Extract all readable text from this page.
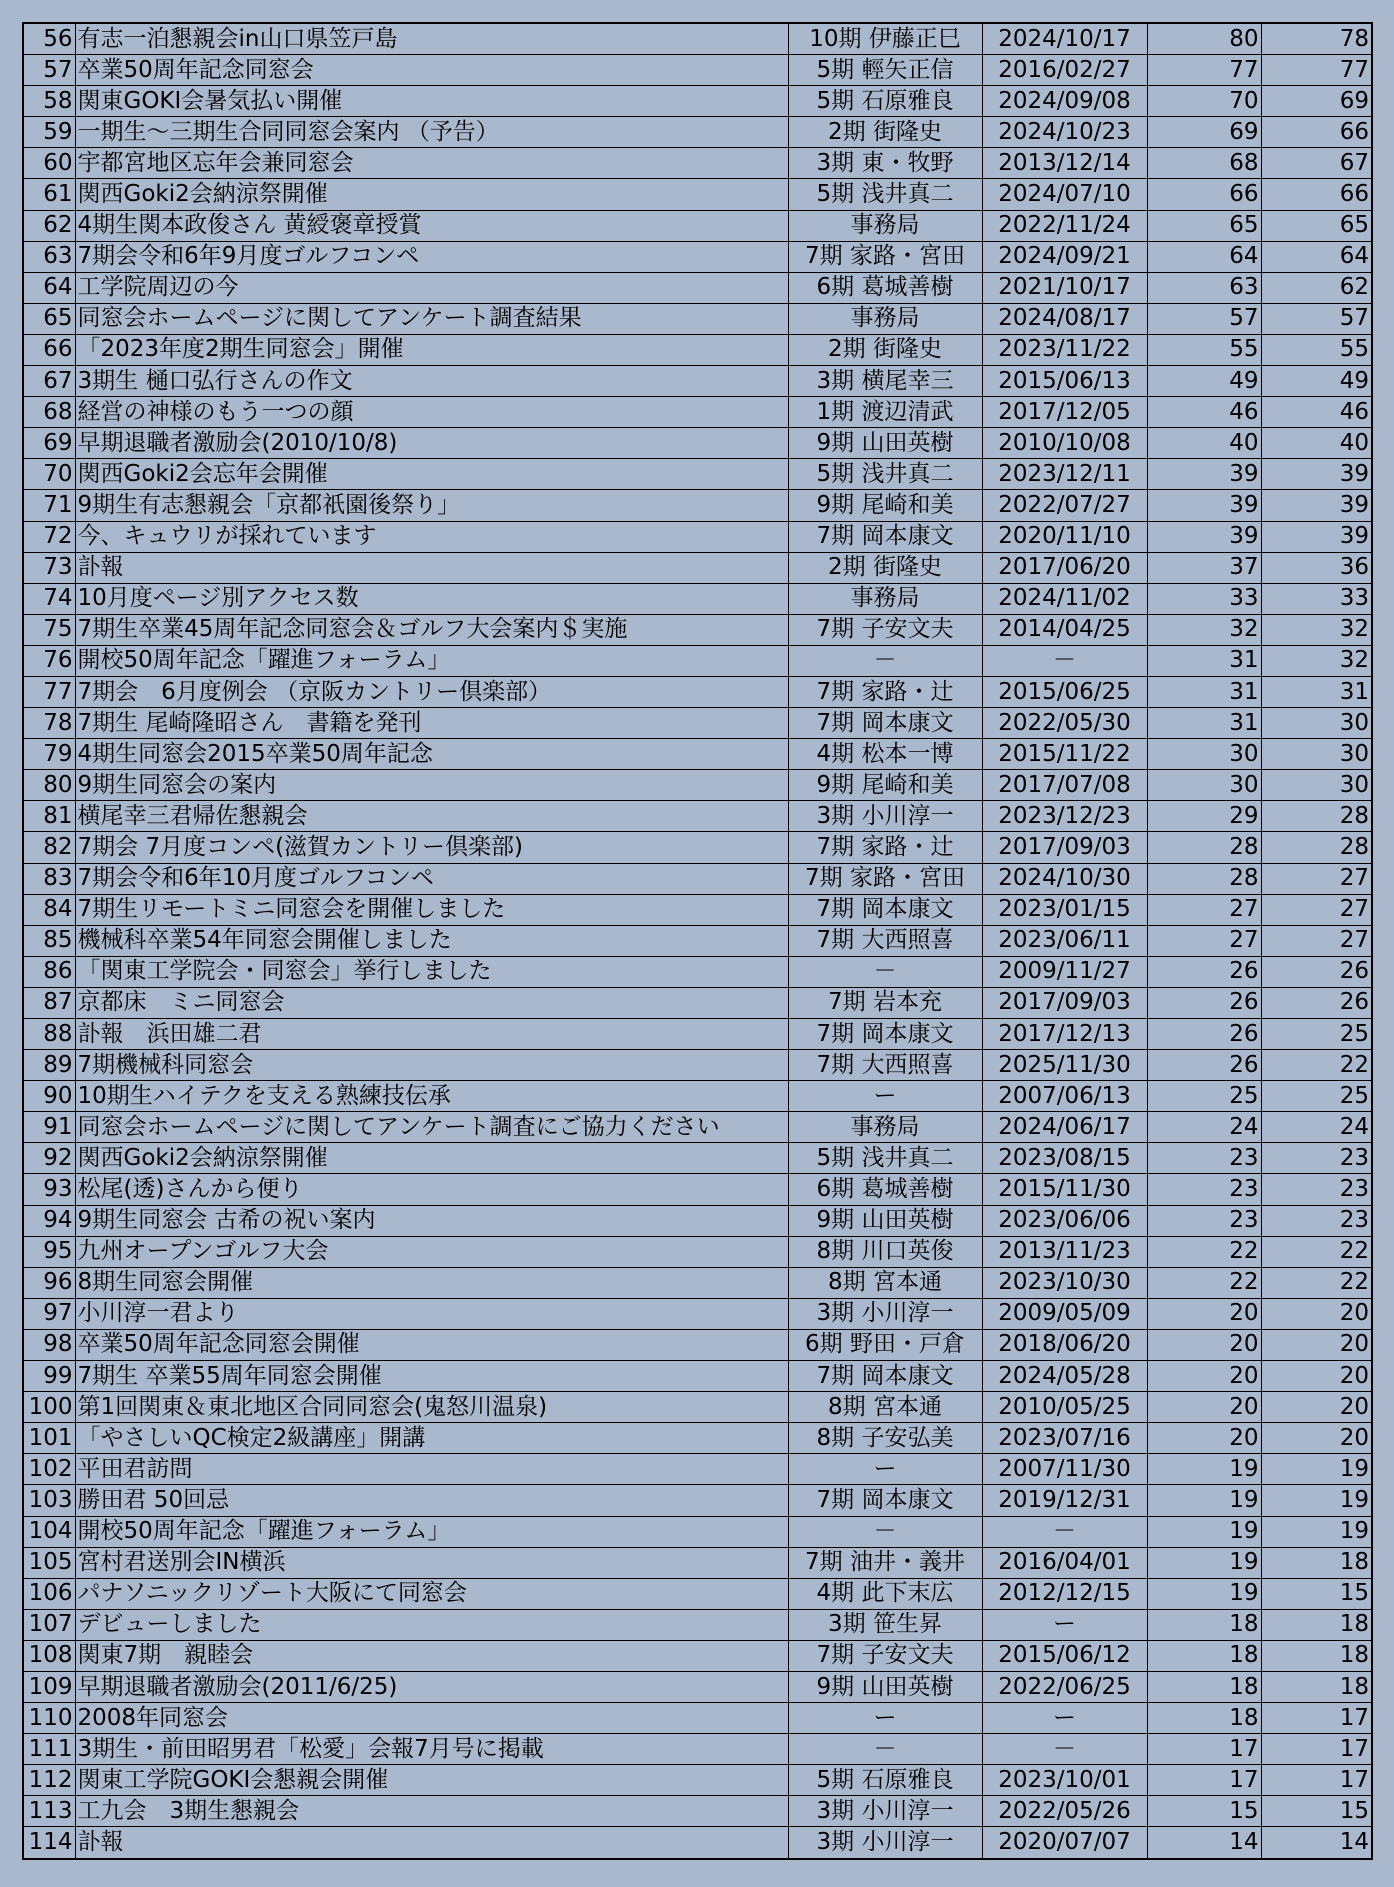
56	有志一泊懇親会in山口県笠戸島	10期 伊藤正巳	2024/10/17	80	78
57	卒業50周年記念同窓会	5期 輕矢正信	2016/02/27	77	77
58	関東GOKI会暑気払い開催	5期 石原雅良	2024/09/08	70	69
59	一期生～三期生合同同窓会案内 （予告）	2期 街隆史	2024/10/23	69	66
60	宇都宮地区忘年会兼同窓会	3期 東・牧野	2013/12/14	68	67
61	関西Goki2会納涼祭開催	5期 浅井真二	2024/07/10	66	66
62	4期生関本政俊さん 黄綬褒章授賞	事務局	2022/11/24	65	65
63	7期会令和6年9月度ゴルフコンペ	7期 家路・宮田	2024/09/21	64	64
64	工学院周辺の今	6期 葛城善樹	2021/10/17	63	62
65	同窓会ホームページに関してアンケート調査結果	事務局	2024/08/17	57	57
66	「2023年度2期生同窓会」開催	2期 街隆史	2023/11/22	55	55
67	3期生 樋口弘行さんの作文	3期 横尾幸三	2015/06/13	49	49
68	経営の神様のもう一つの顔	1期 渡辺清武	2017/12/05	46	46
69	早期退職者激励会(2010/10/8)	9期 山田英樹	2010/10/08	40	40
70	関西Goki2会忘年会開催	5期 浅井真二	2023/12/11	39	39
71	9期生有志懇親会「京都祇園後祭り」	9期 尾崎和美	2022/07/27	39	39
72	今、キュウリが採れています	7期 岡本康文	2020/11/10	39	39
73	訃報	2期 街隆史	2017/06/20	37	36
74	10月度ページ別アクセス数	事務局	2024/11/02	33	33
75	7期生卒業45周年記念同窓会＆ゴルフ大会案内＄実施	7期 子安文夫	2014/04/25	32	32
76	開校50周年記念「躍進フォーラム」	－	－	31	32
77	7期会　6月度例会 （京阪カントリー倶楽部）	7期 家路・辻	2015/06/25	31	31
78	7期生 尾崎隆昭さん　書籍を発刊	7期 岡本康文	2022/05/30	31	30
79	4期生同窓会2015卒業50周年記念	4期 松本一博	2015/11/22	30	30
80	9期生同窓会の案内	9期 尾崎和美	2017/07/08	30	30
81	横尾幸三君帰佐懇親会	3期 小川淳一	2023/12/23	29	28
82	7期会 7月度コンペ(滋賀カントリー倶楽部)	7期 家路・辻	2017/09/03	28	28
83	7期会令和6年10月度ゴルフコンペ	7期 家路・宮田	2024/10/30	28	27
84	7期生リモートミニ同窓会を開催しました	7期 岡本康文	2023/01/15	27	27
85	機械科卒業54年同窓会開催しました	7期 大西照喜	2023/06/11	27	27
86	「関東工学院会・同窓会」挙行しました	－	2009/11/27	26	26
87	京都床　ミニ同窓会	7期 岩本充	2017/09/03	26	26
88	訃報　浜田雄二君	7期 岡本康文	2017/12/13	26	25
89	7期機械科同窓会	7期 大西照喜	2025/11/30	26	22
90	10期生ハイテクを支える熟練技伝承	ー	2007/06/13	25	25
91	同窓会ホームページに関してアンケート調査にご協力ください	事務局	2024/06/17	24	24
92	関西Goki2会納涼祭開催	5期 浅井真二	2023/08/15	23	23
93	松尾(透)さんから便り	6期 葛城善樹	2015/11/30	23	23
94	9期生同窓会 古希の祝い案内	9期 山田英樹	2023/06/06	23	23
95	九州オープンゴルフ大会	8期 川口英俊	2013/11/23	22	22
96	8期生同窓会開催	8期 宮本通	2023/10/30	22	22
97	小川淳一君より	3期 小川淳一	2009/05/09	20	20
98	卒業50周年記念同窓会開催	6期 野田・戸倉	2018/06/20	20	20
99	7期生 卒業55周年同窓会開催	7期 岡本康文	2024/05/28	20	20
100	第1回関東＆東北地区合同同窓会(鬼怒川温泉)	8期 宮本通	2010/05/25	20	20
101	「やさしいQC検定2級講座」開講	8期 子安弘美	2023/07/16	20	20
102	平田君訪問	ー	2007/11/30	19	19
103	勝田君 50回忌	7期 岡本康文	2019/12/31	19	19
104	開校50周年記念「躍進フォーラム」	－	－	19	19
105	宮村君送別会IN横浜	7期 油井・義井	2016/04/01	19	18
106	パナソニックリゾート大阪にて同窓会	4期 此下末広	2012/12/15	19	15
107	デビューしました	3期 笹生昇	ー	18	18
108	関東7期　親睦会	7期 子安文夫	2015/06/12	18	18
109	早期退職者激励会(2011/6/25)	9期 山田英樹	2022/06/25	18	18
110	2008年同窓会	ー	ー	18	17
111	3期生・前田昭男君「松愛」会報7月号に掲載	－	－	17	17
112	関東工学院GOKI会懇親会開催	5期 石原雅良	2023/10/01	17	17
113	工九会　3期生懇親会	3期 小川淳一	2022/05/26	15	15
114	訃報	3期 小川淳一	2020/07/07	14	14
